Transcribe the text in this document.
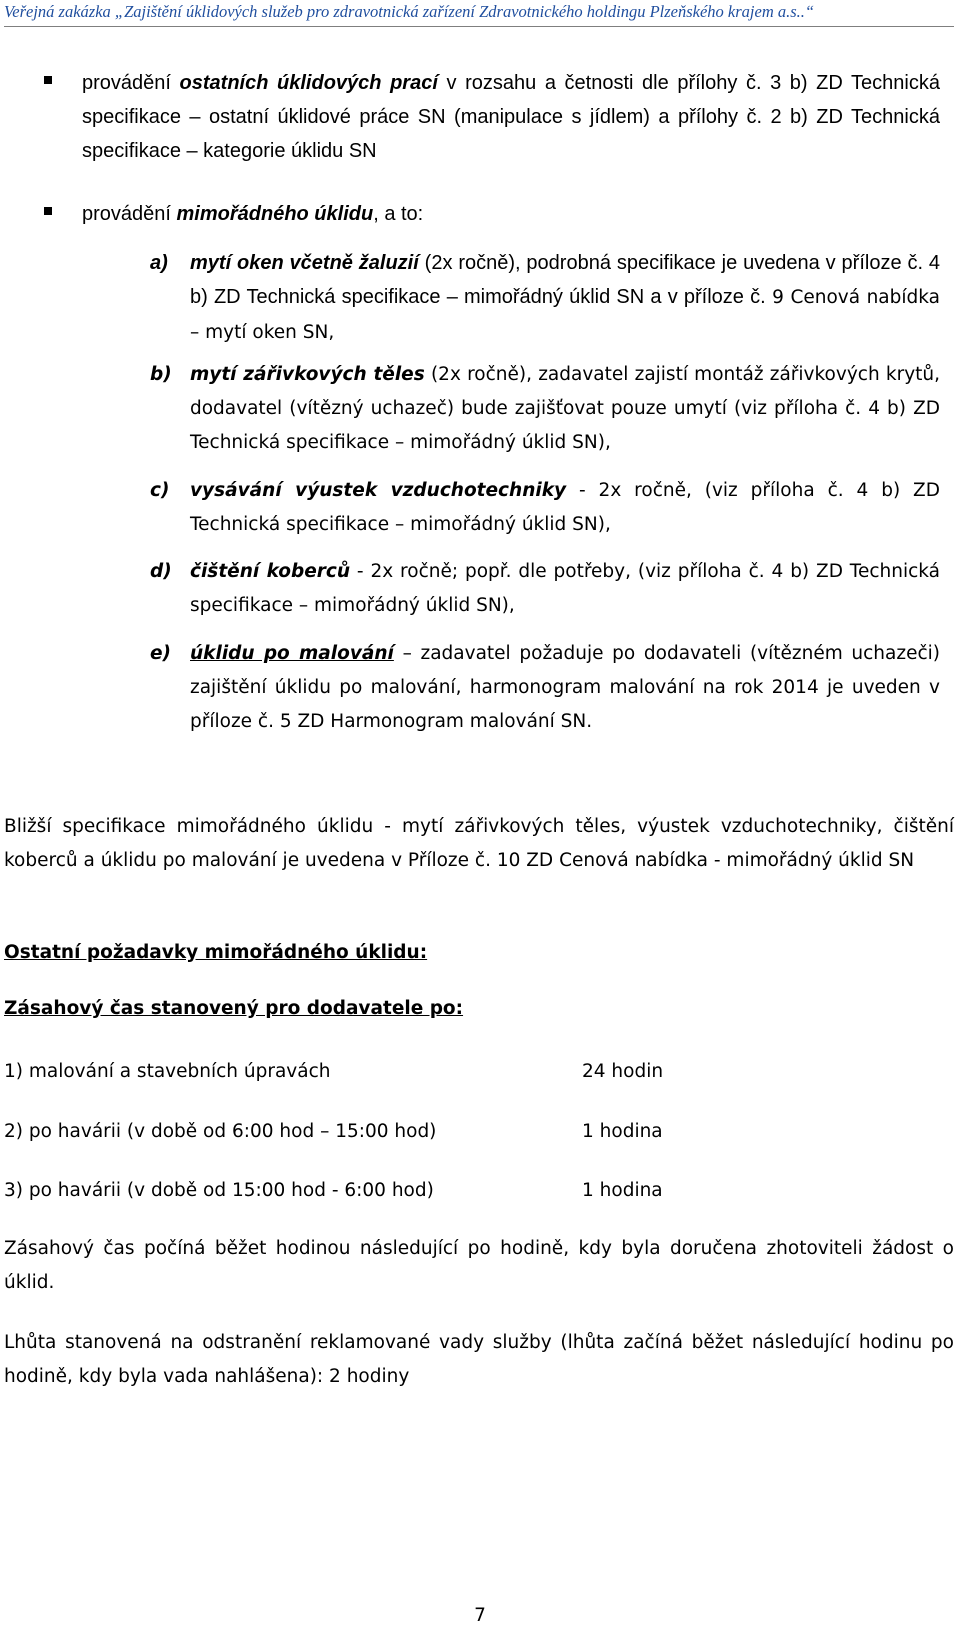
Veřejná zakázka „Zajištění úklidových služeb pro zdravotnická zařízení Zdravotnického holdingu Plzeňského krajem a.s..“
provádění ostatních úklidových prací v rozsahu a četnosti dle přílohy č. 3 b) ZD Technická specifikace – ostatní úklidové práce SN (manipulace s jídlem) a přílohy č. 2 b) ZD Technická specifikace – kategorie úklidu SN
provádění mimořádného úklidu, a to:
a) mytí oken včetně žaluzií (2x ročně), podrobná specifikace je uvedena v příloze č. 4 b) ZD Technická specifikace – mimořádný úklid SN a v příloze č. 9 Cenová nabídka – mytí oken SN,
b) mytí zářivkových těles (2x ročně), zadavatel zajistí montáž zářivkových krytů, dodavatel (vítězný uchazeč) bude zajišťovat pouze umytí (viz příloha č. 4 b) ZD Technická specifikace – mimořádný úklid SN),
c) vysávání výustek vzduchotechniky - 2x ročně, (viz příloha č. 4 b) ZD Technická specifikace – mimořádný úklid SN),
d) čištění koberců - 2x ročně; popř. dle potřeby, (viz příloha č. 4 b) ZD Technická specifikace – mimořádný úklid SN),
e) úklidu po malování – zadavatel požaduje po dodavateli (vítězném uchazeči) zajištění úklidu po malování, harmonogram malování na rok 2014 je uveden v příloze č. 5 ZD Harmonogram malování SN.
Bližší specifikace mimořádného úklidu - mytí zářivkových těles, výustek vzduchotechniky, čištění koberců a úklidu po malování je uvedena v Příloze č. 10 ZD Cenová nabídka - mimořádný úklid SN
Ostatní požadavky mimořádného úklidu:
Zásahový čas stanovený pro dodavatele po:
1) malování a stavebních úpravách	24 hodin
2) po havárii (v době od 6:00 hod – 15:00 hod)	1 hodina
3) po havárii (v době od 15:00 hod - 6:00 hod)	1 hodina
Zásahový čas počíná běžet hodinou následující po hodině, kdy byla doručena zhotoviteli žádost o úklid.
Lhůta stanovená na odstranění reklamované vady služby (lhůta začíná běžet následující hodinu po hodině, kdy byla vada nahlášena): 2 hodiny
7
